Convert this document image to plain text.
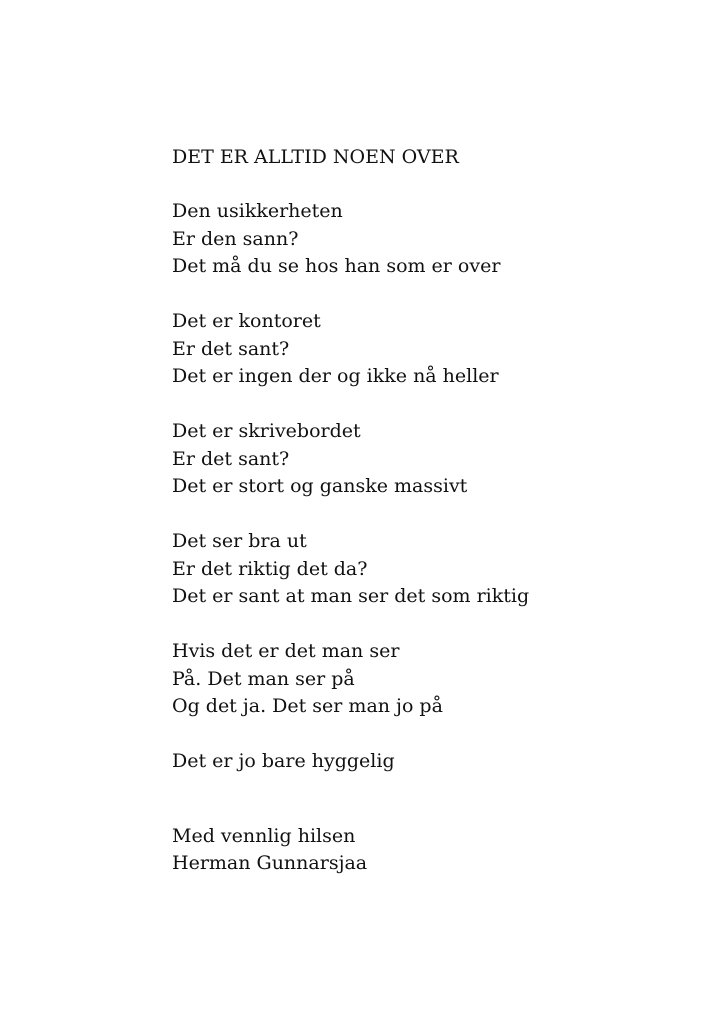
DET ER ALLTID NOEN OVER
Den usikkerheten
Er den sann?
Det må du se hos han som er over
Det er kontoret
Er det sant?
Det er ingen der og ikke nå heller
Det er skrivebordet
Er det sant?
Det er stort og ganske massivt
Det ser bra ut
Er det riktig det da?
Det er sant at man ser det som riktig
Hvis det er det man ser
På. Det man ser på
Og det ja. Det ser man jo på
Det er jo bare hyggelig
Med vennlig hilsen
Herman Gunnarsjaa
